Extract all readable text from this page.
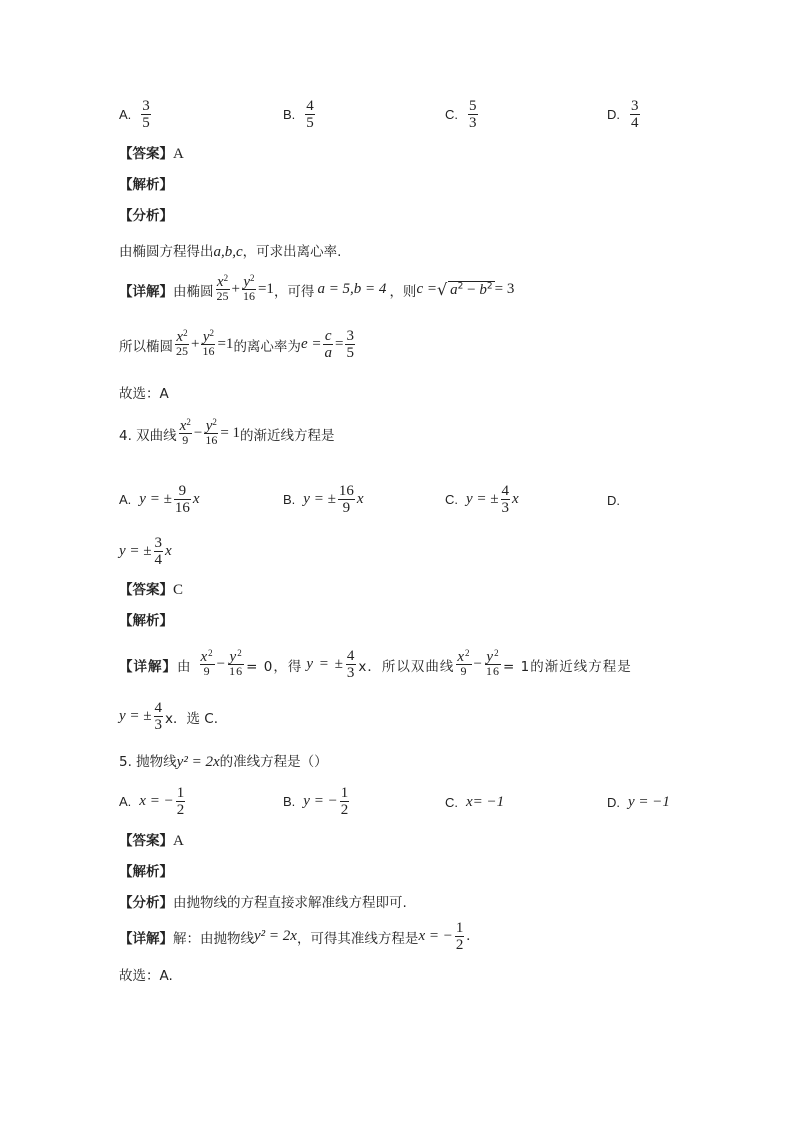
A. $\frac{3}{5}$	B. $\frac{4}{5}$	C. $\frac{5}{3}$	D. $\frac{3}{4}$
【答案】A
【解析】
【分析】
由椭圆方程得出a,b,c，可求出离心率.
【详解】 由椭圆 $\frac{x^2}{25} + \frac{y^2}{16} =1$ ，可得 a = 5,b = 4 ，则 c = √ $a^2 - b^2 = 3$
所以椭圆 $\frac{x^2}{25} + \frac{y^2}{16} =1$ 的离心率为 $e = \frac{c}{a} = \frac{3}{5}$
故选：A
4. 双曲线 $\frac{x^2}{9} - \frac{y^2}{16} = 1$ 的渐近线方程是
A. y = ± $\frac{9}{16}$ x	B. y = ± $\frac{16}{9}$ x	C. y = ± $\frac{4}{3}$ x	D.
y = ± $\frac{3}{4}$ x
【答案】C
【解析】
【详解】 由 $\frac{x^2}{9} - \frac{y^2}{16} = 0$，得 y = ± $\frac{4}{3}$ x．所以双曲线 $\frac{x^2}{9} - \frac{y^2}{16} = 1$的渐近线方程是
y = ± $\frac{4}{3}$ x．选 C.
5. 抛物线y² = 2x的准线方程是（）
A. x = − $\frac{1}{2}$	B. y = − $\frac{1}{2}$	C. x= −1	D. y = −1
【答案】A
【解析】
【分析】由抛物线的方程直接求解准线方程即可.
【详解】 解：由抛物线 y² = 2x ，可得其准线方程是 x = − $\frac{1}{2}$ .
故选：A.
